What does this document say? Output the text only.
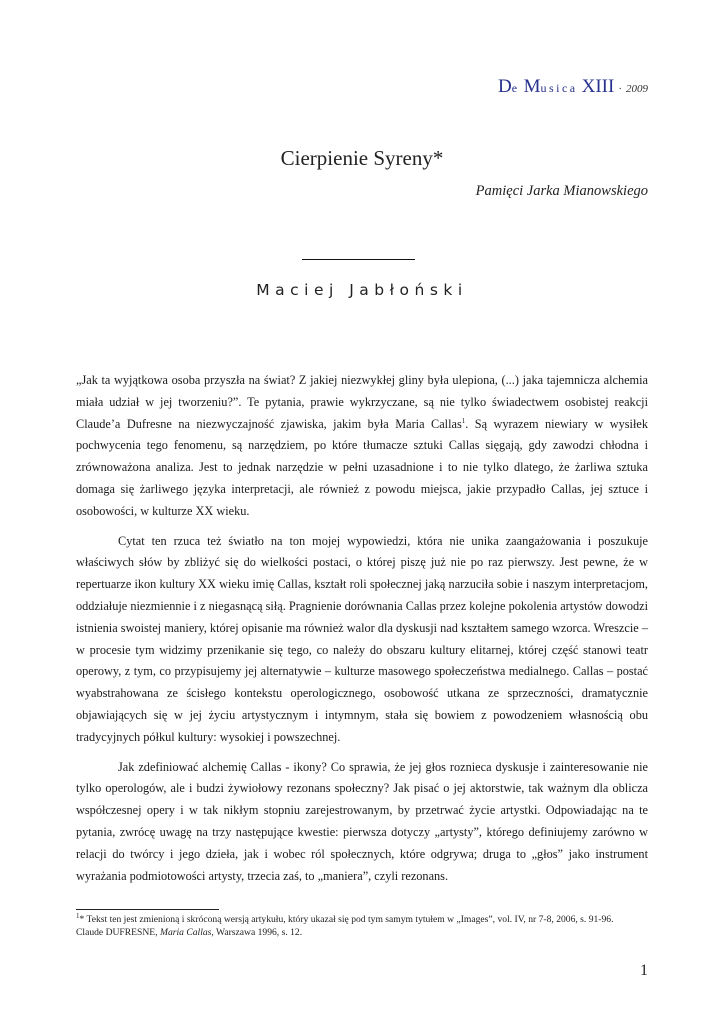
De Musica XIII · 2009
Cierpienie Syreny*
Pamięci Jarka Mianowskiego
Maciej Jabłoński

„Jak ta wyjątkowa osoba przyszła na świat? Z jakiej niezwykłej gliny była ulepiona, (...) jaka tajemnicza alchemia miała udział w jej tworzeniu?”. Te pytania, prawie wykrzyczane, są nie tylko świadectwem osobistej reakcji Claude’a Dufresne na niezwyczajność zjawiska, jakim była Maria Callas$^1$. Są wyrazem niewiary w wysiłek pochwycenia tego fenomenu, są narzędziem, po które tłumacze sztuki Callas sięgają, gdy zawodzi chłodna i zrównoważona analiza. Jest to jednak narzędzie w pełni uzasadnione i to nie tylko dlatego, że żarliwa sztuka domaga się żarliwego języka interpretacji, ale również z powodu miejsca, jakie przypadło Callas, jej sztuce i osobowości, w kulturze XX wieku.

Cytat ten rzuca też światło na ton mojej wypowiedzi, która nie unika zaangażowania i poszukuje właściwych słów by zbliżyć się do wielkości postaci, o której piszę już nie po raz pierwszy. Jest pewne, że w repertuarze ikon kultury XX wieku imię Callas, kształt roli społecznej jaką narzuciła sobie i naszym interpretacjom, oddziałuje niezmiennie i z niegasnącą siłą. Pragnienie dorównania Callas przez kolejne pokolenia artystów dowodzi istnienia swoistej maniery, której opisanie ma również walor dla dyskusji nad kształtem samego wzorca. Wreszcie – w procesie tym widzimy przenikanie się tego, co należy do obszaru kultury elitarnej, której część stanowi teatr operowy, z tym, co przypisujemy jej alternatywie – kulturze masowego społeczeństwa medialnego. Callas – postać wyabstrahowana ze ścisłego kontekstu operologicznego, osobowość utkana ze sprzeczności, dramatycznie objawiających się w jej życiu artystycznym i intymnym, stała się bowiem z powodzeniem własnością obu tradycyjnych półkul kultury: wysokiej i powszechnej.

Jak zdefiniować alchemię Callas - ikony? Co sprawia, że jej głos roznieca dyskusje i zainteresowanie nie tylko operologów, ale i budzi żywiołowy rezonans społeczny? Jak pisać o jej aktorstwie, tak ważnym dla oblicza współczesnej opery i w tak nikłym stopniu zarejestrowanym, by przetrwać życie artystki. Odpowiadając na te pytania, zwrócę uwagę na trzy następujące kwestie: pierwsza dotyczy „artysty”, którego definiujemy zarówno w relacji do twórcy i jego dzieła, jak i wobec ról społecznych, które odgrywa; druga to „głos” jako instrument wyrażania podmiotowości artysty, trzecia zaś, to „maniera”, czyli rezonans.

$^1$* Tekst ten jest zmienioną i skróconą wersją artykułu, który ukazał się pod tym samym tytułem w „Images”, vol. IV, nr 7-8, 2006, s. 91-96.
Claude DUFRESNE, Maria Callas, Warszawa 1996, s. 12.
1
